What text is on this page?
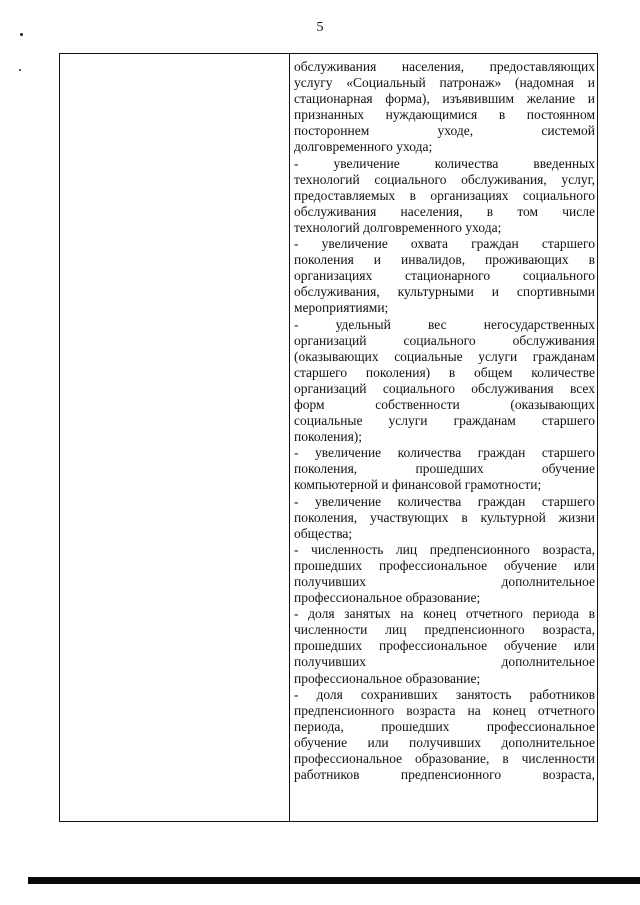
5
обслуживания населения, предоставляющих
услугу «Социальный патронаж» (надомная и
стационарная форма), изъявившим желание и
признанных нуждающимися в постоянном
постороннем уходе, системой
долговременного ухода;
- увеличение количества введенных
технологий социального обслуживания, услуг,
предоставляемых в организациях социального
обслуживания населения, в том числе
технологий долговременного ухода;
- увеличение охвата граждан старшего
поколения и инвалидов, проживающих в
организациях стационарного социального
обслуживания, культурными и спортивными
мероприятиями;
- удельный вес негосударственных
организаций социального обслуживания
(оказывающих социальные услуги гражданам
старшего поколения) в общем количестве
организаций социального обслуживания всех
форм собственности (оказывающих
социальные услуги гражданам старшего
поколения);
- увеличение количества граждан старшего
поколения, прошедших обучение
компьютерной и финансовой грамотности;
- увеличение количества граждан старшего
поколения, участвующих в культурной жизни
общества;
- численность лиц предпенсионного возраста,
прошедших профессиональное обучение или
получивших дополнительное
профессиональное образование;
- доля занятых на конец отчетного периода в
численности лиц предпенсионного возраста,
прошедших профессиональное обучение или
получивших дополнительное
профессиональное образование;
- доля сохранивших занятость работников
предпенсионного возраста на конец отчетного
периода, прошедших профессиональное
обучение или получивших дополнительное
профессиональное образование, в численности
работников предпенсионного возраста,
